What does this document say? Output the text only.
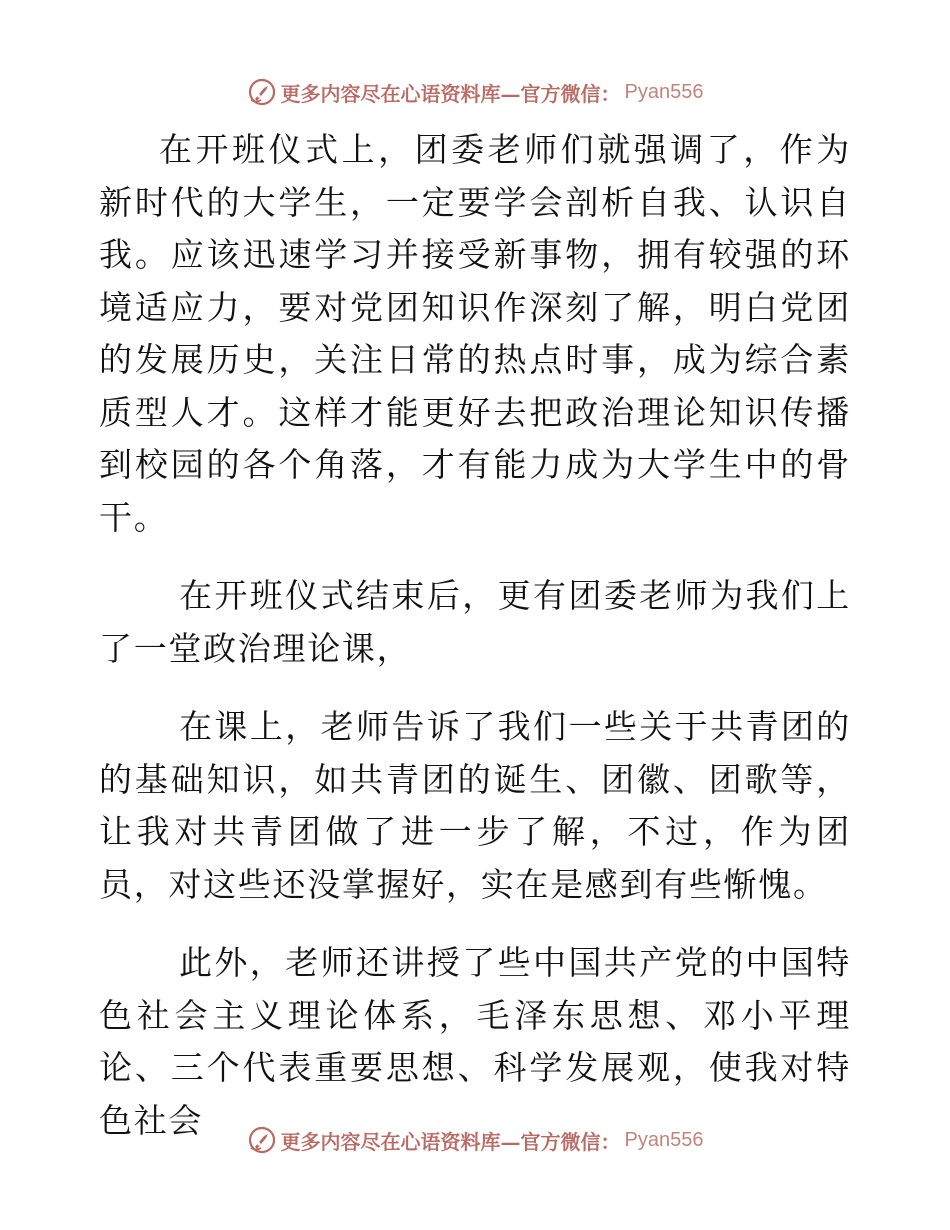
更多内容尽在心语资料库—官方微信： Pyan556

在开班仪式上，团委老师们就强调了，作为新时代的大学生，一定要学会剖析自我、认识自我。应该迅速学习并接受新事物，拥有较强的环境适应力，要对党团知识作深刻了解，明白党团的发展历史，关注日常的热点时事，成为综合素质型人才。这样才能更好去把政治理论知识传播到校园的各个角落，才有能力成为大学生中的骨干。

在开班仪式结束后，更有团委老师为我们上了一堂政治理论课，

在课上，老师告诉了我们一些关于共青团的的基础知识，如共青团的诞生、团徽、团歌等，让我对共青团做了进一步了解，不过，作为团员，对这些还没掌握好，实在是感到有些惭愧。

此外，老师还讲授了些中国共产党的中国特色社会主义理论体系，毛泽东思想、邓小平理论、三个代表重要思想、科学发展观，使我对特色社会

更多内容尽在心语资料库—官方微信： Pyan556
